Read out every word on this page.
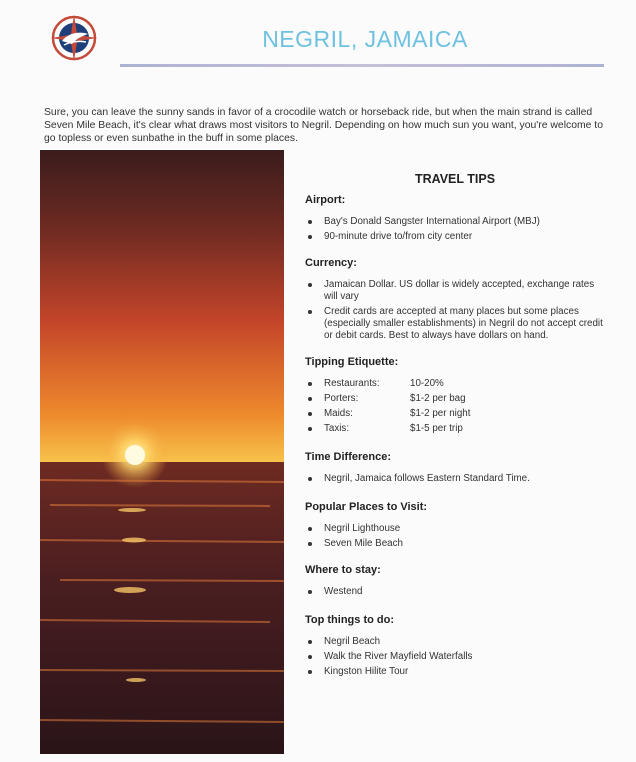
NEGRIL, JAMAICA

Sure, you can leave the sunny sands in favor of a crocodile watch or horseback ride, but when the main strand is called Seven Mile Beach, it's clear what draws most visitors to Negril. Depending on how much sun you want, you're welcome to go topless or even sunbathe in the buff in some places.

TRAVEL TIPS
Airport:
Bay's Donald Sangster International Airport (MBJ)
90-minute drive to/from city center
Currency:
Jamaican Dollar. US dollar is widely accepted, exchange rates will vary
Credit cards are accepted at many places but some places (especially smaller establishments) in Negril do not accept credit or debit cards. Best to always have dollars on hand.
Tipping Etiquette:
Restaurants:	10-20%
Porters:	$1-2 per bag
Maids:	$1-2 per night
Taxis:	$1-5 per trip
Time Difference:
Negril, Jamaica follows Eastern Standard Time.
Popular Places to Visit:
Negril Lighthouse
Seven Mile Beach
Where to stay:
Westend
Top things to do:
Negril Beach
Walk the River Mayfield Waterfalls
Kingston Hilite Tour
